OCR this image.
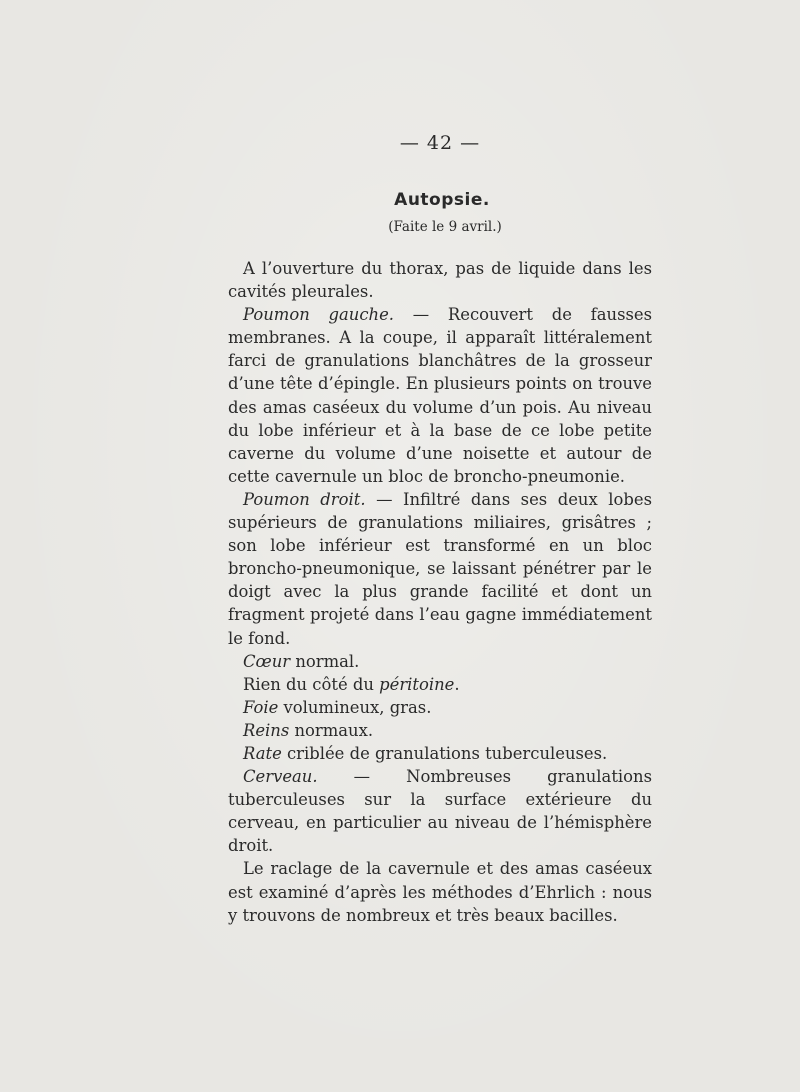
— 42 —
Autopsie.
(Faite le 9 avril.)

A l’ouverture du thorax, pas de liquide dans les cavités pleurales.

Poumon gauche. — Recouvert de fausses membranes. A la coupe, il apparaît littéralement farci de granulations blanchâtres de la grosseur d’une tête d’épingle. En plusieurs points on trouve des amas caséeux du volume d’un pois. Au niveau du lobe inférieur et à la base de ce lobe petite caverne du volume d’une noisette et autour de cette cavernule un bloc de broncho-pneumonie.

Poumon droit. — Infiltré dans ses deux lobes supérieurs de granulations miliaires, grisâtres ; son lobe inférieur est transformé en un bloc broncho-pneumonique, se laissant pénétrer par le doigt avec la plus grande facilité et dont un fragment projeté dans l’eau gagne immédiatement le fond.

Cœur normal.

Rien du côté du péritoine.

Foie volumineux, gras.

Reins normaux.

Rate criblée de granulations tuberculeuses.

Cerveau. — Nombreuses granulations tuberculeuses sur la surface extérieure du cerveau, en particulier au niveau de l’hémisphère droit.

Le raclage de la cavernule et des amas caséeux est examiné d’après les méthodes d’Ehrlich : nous y trouvons de nombreux et très beaux bacilles.
